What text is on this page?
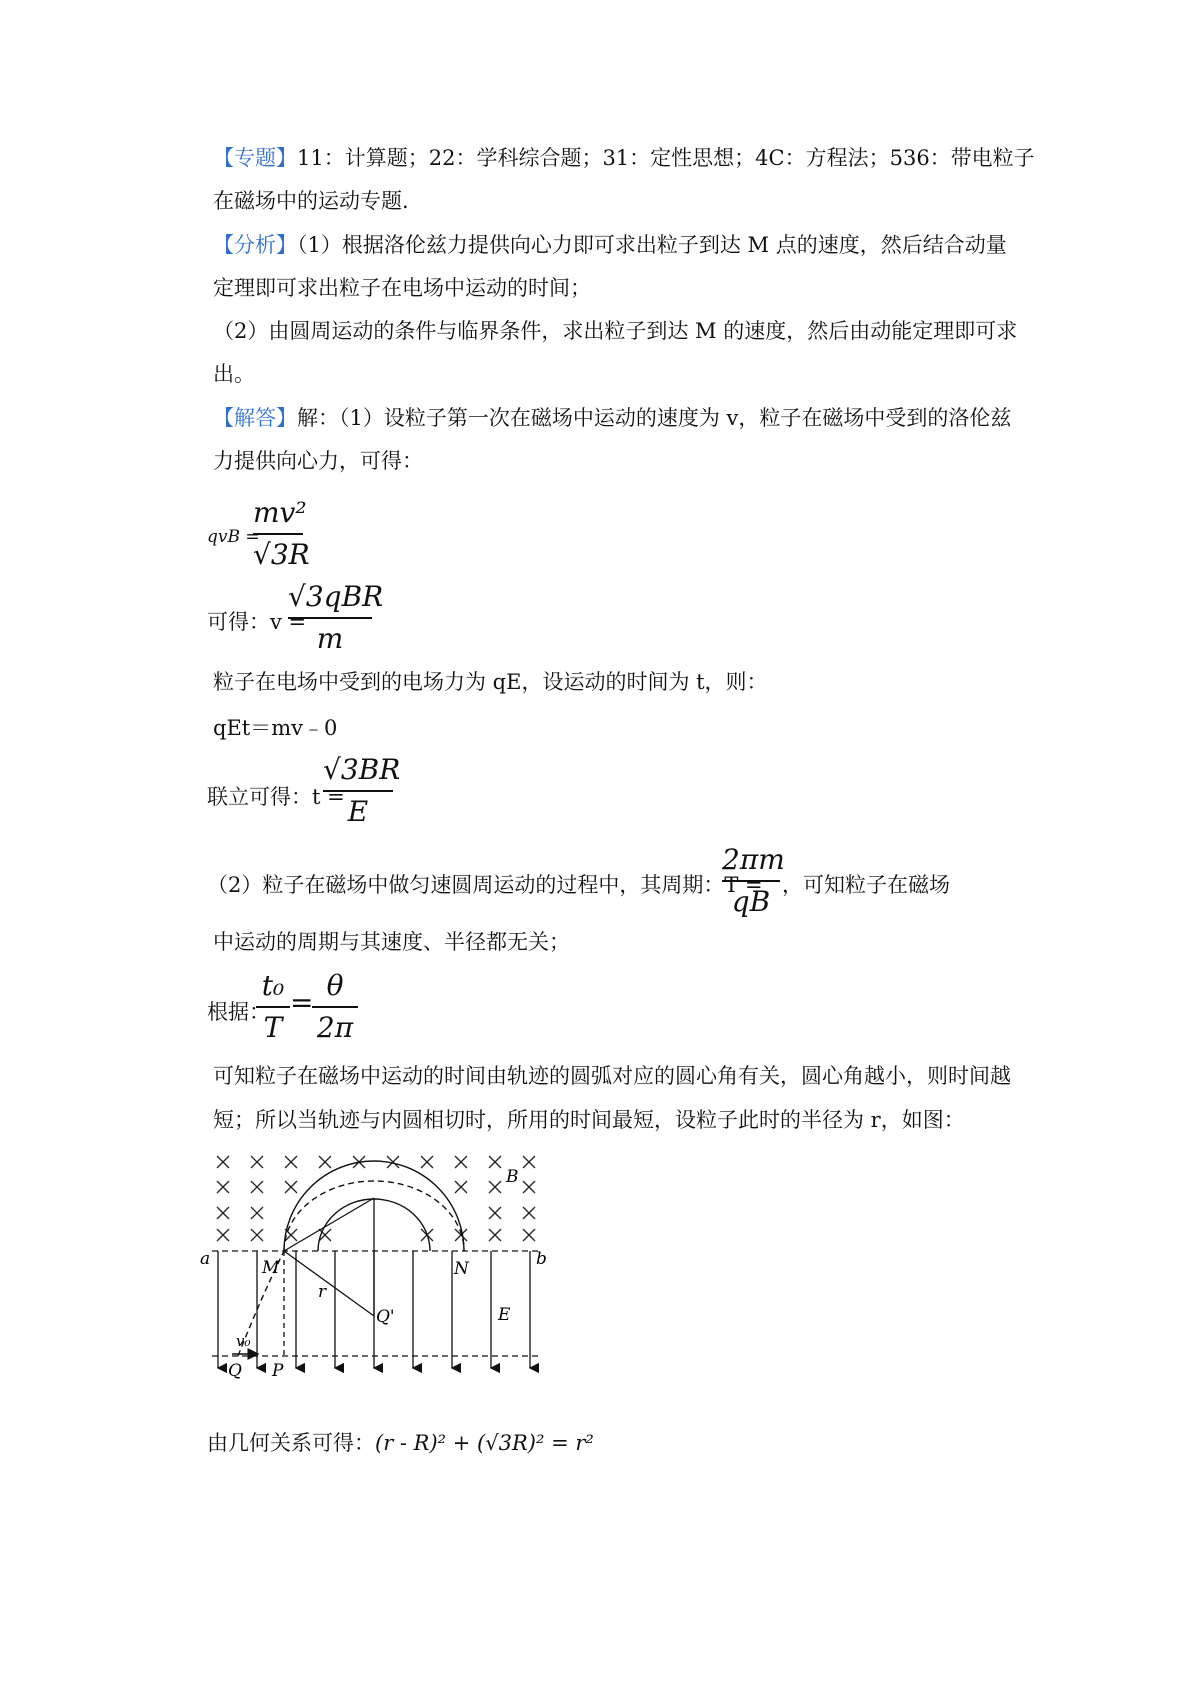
【专题】11：计算题；22：学科综合题；31：定性思想；4C：方程法；536：带电粒子
在磁场中的运动专题.
【分析】（1）根据洛伦兹力提供向心力即可求出粒子到达 M 点的速度，然后结合动量
定理即可求出粒子在电场中运动的时间；
（2）由圆周运动的条件与临界条件，求出粒子到达 M 的速度，然后由动能定理即可求
出。
【解答】解：（1）设粒子第一次在磁场中运动的速度为 v，粒子在磁场中受到的洛伦兹
力提供向心力，可得：
qvB =
mv²
√3R
可得：v =
√3qBR
m
粒子在电场中受到的电场力为 qE，设运动的时间为 t，则：
qEt＝mv﹣0
联立可得：t =
√3BR
E
（2）粒子在磁场中做匀速圆周运动的过程中，其周期：T =
2πm
qB ，可知粒子在磁场
中运动的周期与其速度、半径都无关；
根据：
t₀
T
=
θ
2π
可知粒子在磁场中运动的时间由轨迹的圆弧对应的圆心角有关，圆心角越小，则时间越
短；所以当轨迹与内圆相切时，所用的时间最短，设粒子此时的半径为 r，如图：
a	b
B
M	N
r
Q'	E
v₀
Q P
由几何关系可得：(r - R)² + (√3R)² = r²
